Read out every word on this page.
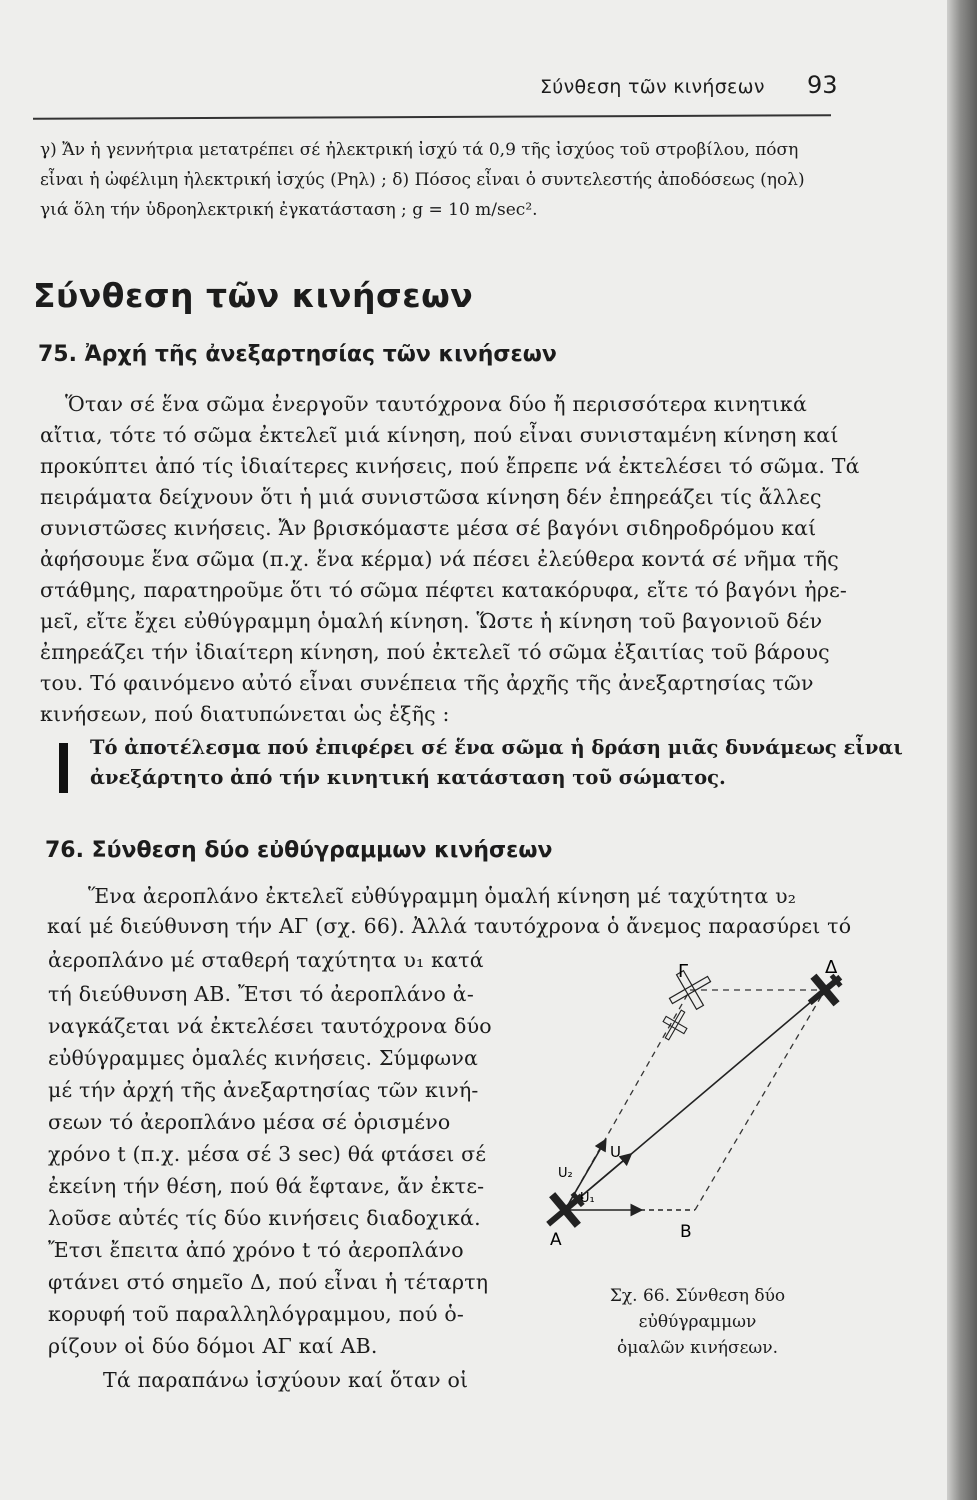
Σύνθεση τῶν κινήσεων 93
γ) Ἄν ἡ γεννήτρια μετατρέπει σέ ἠλεκτρική ἰσχύ τά 0,9 τῆς ἰσχύος τοῦ στροβίλου, πόση
εἶναι ἡ ὠφέλιμη ἠλεκτρική ἰσχύς (Ρηλ) ; δ) Πόσος εἶναι ὁ συντελεστής ἀποδόσεως (ηολ)
γιά ὅλη τήν ὑδροηλεκτρική ἐγκατάσταση ; g = 10 m/sec².
Σύνθεση τῶν κινήσεων
75. Ἀρχή τῆς ἀνεξαρτησίας τῶν κινήσεων
Ὅταν σέ ἕνα σῶμα ἐνεργοῦν ταυτόχρονα δύο ἤ περισσότερα κινητικά
αἴτια, τότε τό σῶμα ἐκτελεῖ μιά κίνηση, πού εἶναι συνισταμένη κίνηση καί
προκύπτει ἀπό τίς ἰδιαίτερες κινήσεις, πού ἔπρεπε νά ἐκτελέσει τό σῶμα. Τά
πειράματα δείχνουν ὅτι ἡ μιά συνιστῶσα κίνηση δέν ἐπηρεάζει τίς ἄλλες
συνιστῶσες κινήσεις. Ἄν βρισκόμαστε μέσα σέ βαγόνι σιδηροδρόμου καί
ἀφήσουμε ἕνα σῶμα (π.χ. ἕνα κέρμα) νά πέσει ἐλεύθερα κοντά σέ νῆμα τῆς
στάθμης, παρατηροῦμε ὅτι τό σῶμα πέφτει κατακόρυφα, εἴτε τό βαγόνι ἠρε-
μεῖ, εἴτε ἔχει εὐθύγραμμη ὁμαλή κίνηση. Ὥστε ἡ κίνηση τοῦ βαγονιοῦ δέν
ἐπηρεάζει τήν ἰδιαίτερη κίνηση, πού ἐκτελεῖ τό σῶμα ἐξαιτίας τοῦ βάρους
του. Τό φαινόμενο αὐτό εἶναι συνέπεια τῆς ἀρχῆς τῆς ἀνεξαρτησίας τῶν
κινήσεων, πού διατυπώνεται ὡς ἑξῆς :
Τό ἀποτέλεσμα πού ἐπιφέρει σέ ἕνα σῶμα ἡ δράση μιᾶς δυνάμεως εἶναι
ἀνεξάρτητο ἀπό τήν κινητική κατάσταση τοῦ σώματος.
76. Σύνθεση δύο εὐθύγραμμων κινήσεων
Ἕνα ἀεροπλάνο ἐκτελεῖ εὐθύγραμμη ὁμαλή κίνηση μέ ταχύτητα υ₂
καί μέ διεύθυνση τήν ΑΓ (σχ. 66). Ἀλλά ταυτόχρονα ὁ ἄνεμος παρασύρει τό
ἀεροπλάνο μέ σταθερή ταχύτητα υ₁ κατά
τή διεύθυνση ΑΒ. Ἔτσι τό ἀεροπλάνο ἀ-
ναγκάζεται νά ἐκτελέσει ταυτόχρονα δύο
εὐθύγραμμες ὁμαλές κινήσεις. Σύμφωνα
μέ τήν ἀρχή τῆς ἀνεξαρτησίας τῶν κινή-
σεων τό ἀεροπλάνο μέσα σέ ὁρισμένο
χρόνο t (π.χ. μέσα σέ 3 sec) θά φτάσει σέ
ἐκείνη τήν θέση, πού θά ἔφτανε, ἄν ἐκτε-
λοῦσε αὐτές τίς δύο κινήσεις διαδοχικά.
Ἔτσι ἔπειτα ἀπό χρόνο t τό ἀεροπλάνο
φτάνει στό σημεῖο Δ, πού εἶναι ἡ τέταρτη
κορυφή τοῦ παραλληλόγραμμου, πού ὁ-
ρίζουν οἱ δύο δόμοι ΑΓ καί ΑΒ.
Τά παραπάνω ἰσχύουν καί ὅταν οἱ
Γ	Δ
A	B
U
U₂
U₁
Σχ. 66. Σύνθεση δύο εὐθύγραμμων
ὁμαλῶν κινήσεων.
